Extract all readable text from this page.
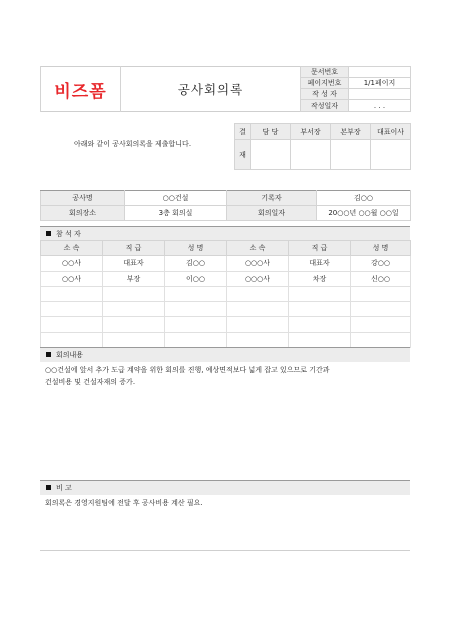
비즈폼	공사회의록	문서번호	
		페이지번호	1/1페이지
		작 성 자	
		작성일자	. . .
아래와 같이 공사회의록을 제출합니다.
결	담 당	부서장	본부장	대표이사
재				
공사명	○○건설	기록자	김○○
회의장소	3층 회의실	회의일자	20○○년 ○○월 ○○일
참 석 자
소 속	직 급	성 명	소 속	직 급	성 명
○○사	대표자	김○○	○○○사	대표자	강○○
○○사	부장	이○○	○○○사	차장	신○○

회의내용
○○건설에 앞서 추가 도급 계약을 위한 회의를 진행, 예상면적보다 넓게 잡고 있으므로 기간과
건설비용 및 건설자재의 증가.
비 고
회의록은 경영지원팀에 전달 후 공사비용 계산 필요.
